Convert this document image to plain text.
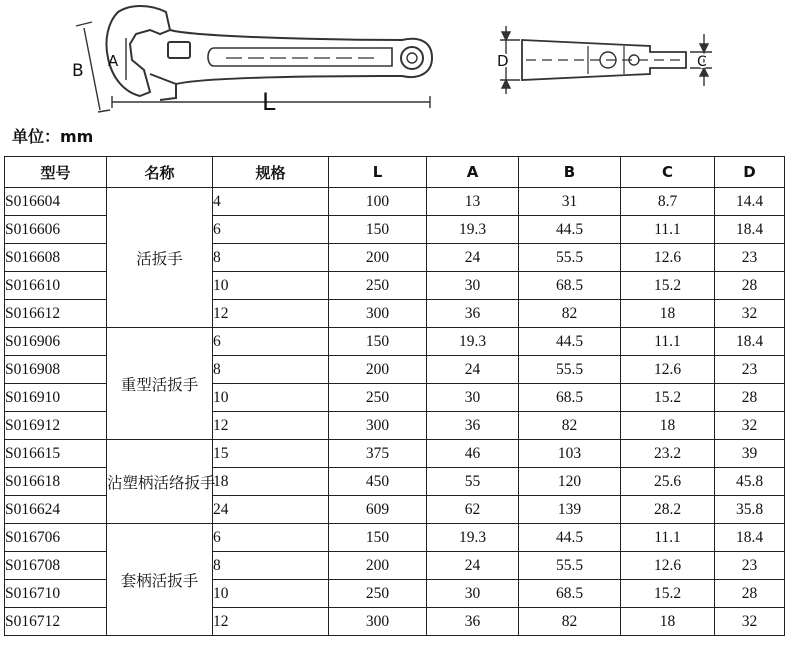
B A
L
D	C
单位：mm
型号	名称	规格	L	A	B	C	D
S016604	活扳手	4	100	13	31	8.7	14.4
S016606		6	150	19.3	44.5	11.1	18.4
S016608		8	200	24	55.5	12.6	23
S016610		10	250	30	68.5	15.2	28
S016612		12	300	36	82	18	32
S016906	重型活扳手	6	150	19.3	44.5	11.1	18.4
S016908		8	200	24	55.5	12.6	23
S016910		10	250	30	68.5	15.2	28
S016912		12	300	36	82	18	32
S016615	沾塑柄活络扳手	15	375	46	103	23.2	39
S016618		18	450	55	120	25.6	45.8
S016624		24	609	62	139	28.2	35.8
S016706	套柄活扳手	6	150	19.3	44.5	11.1	18.4
S016708		8	200	24	55.5	12.6	23
S016710		10	250	30	68.5	15.2	28
S016712		12	300	36	82	18	32
